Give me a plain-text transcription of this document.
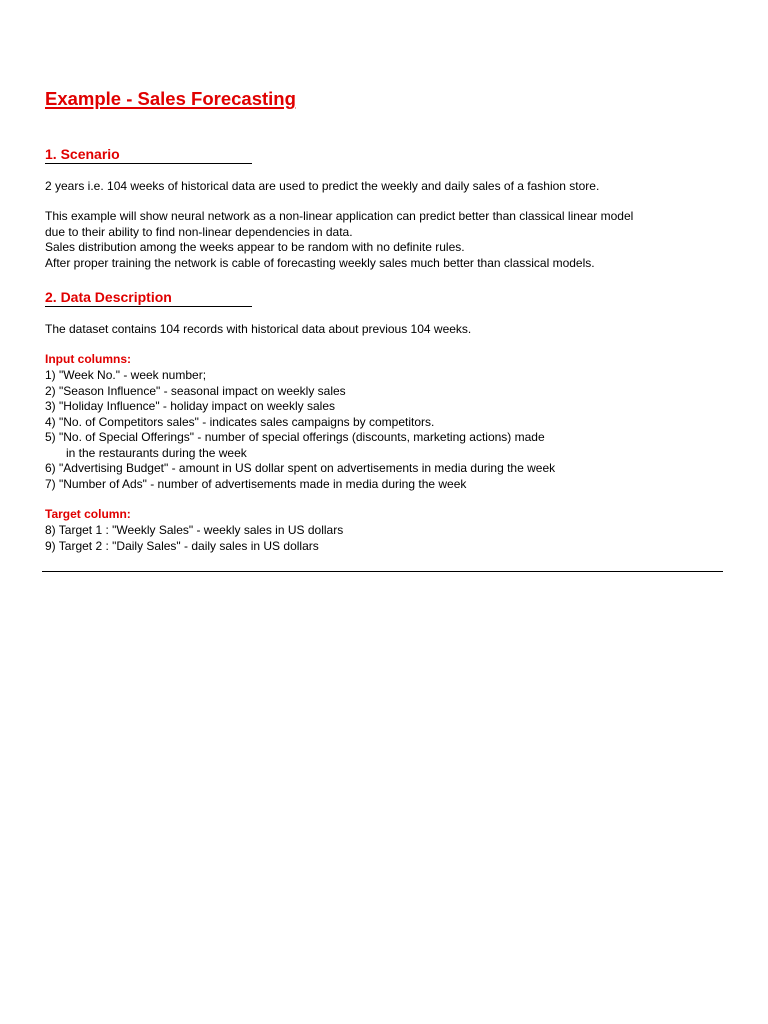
Example - Sales Forecasting
1. Scenario

2 years i.e. 104 weeks of historical data are used to predict the weekly and daily sales of a fashion store.

This example will show neural network as a non-linear application can predict better than classical linear model
due to their ability to find non-linear dependencies in data.
Sales distribution among the weeks appear to be random with no definite rules.
After proper training the network is cable of forecasting weekly sales much better than classical models.

2. Data Description

The dataset contains 104 records with historical data about previous 104 weeks.

Input columns:

1) "Week No." - week number;
2) "Season Influence" - seasonal impact on weekly sales
3) "Holiday Influence" - holiday impact on weekly sales
4) "No. of Competitors sales" - indicates sales campaigns by competitors.
5) "No. of Special Offerings" - number of special offerings (discounts, marketing actions) made
in the restaurants during the week
6) "Advertising Budget" - amount in US dollar spent on advertisements in media during the week
7) "Number of Ads" - number of advertisements made in media during the week

Target column:

8) Target 1 : "Weekly Sales" - weekly sales in US dollars
9) Target 2 : "Daily Sales" - daily sales in US dollars
